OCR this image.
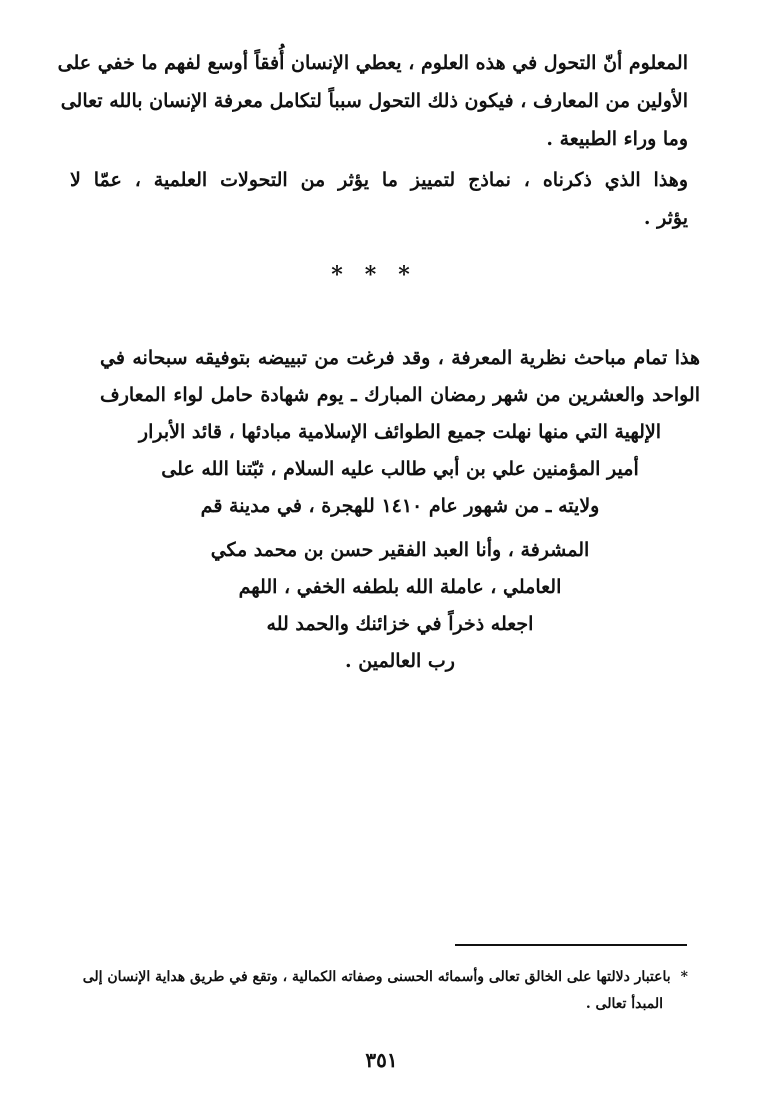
المعلوم أنّ التحول في هذه العلوم ، يعطي الإنسان أُفقاً أوسع لفهم ما خفي على
الأولين من المعارف ، فيكون ذلك التحول سبباً لتكامل معرفة الإنسان بالله تعالى
وما وراء الطبيعة .

وهذا الذي ذكرناه ، نماذج لتمييز ما يؤثر من التحولات العلمية ، عمّا لا
يؤثر .

***
هذا تمام مباحث نظرية المعرفة ، وقد فرغت من تبييضه بتوفيقه سبحانه في
الواحد والعشرين من شهر رمضان المبارك ـ يوم شهادة حامل لواء المعارف
الإلهية التي منها نهلت جميع الطوائف الإسلامية مبادئها ، قائد الأبرار
أمير المؤمنين علي بن أبي طالب عليه السلام ، ثبّتنا الله على
ولايته ـ من شهور عام ١٤١٠ للهجرة ، في مدينة قم
المشرفة ، وأنا العبد الفقير حسن بن محمد مكي
العاملي ، عاملة الله بلطفه الخفي ، اللهم
اجعله ذخراً في خزائنك والحمد لله
رب العالمين .
*باعتبار دلالتها على الخالق تعالى وأسمائه الحسنى وصفاته الكمالية ، وتقع في طريق هداية الإنسان إلى
المبدأ تعالى .
٣٥١
